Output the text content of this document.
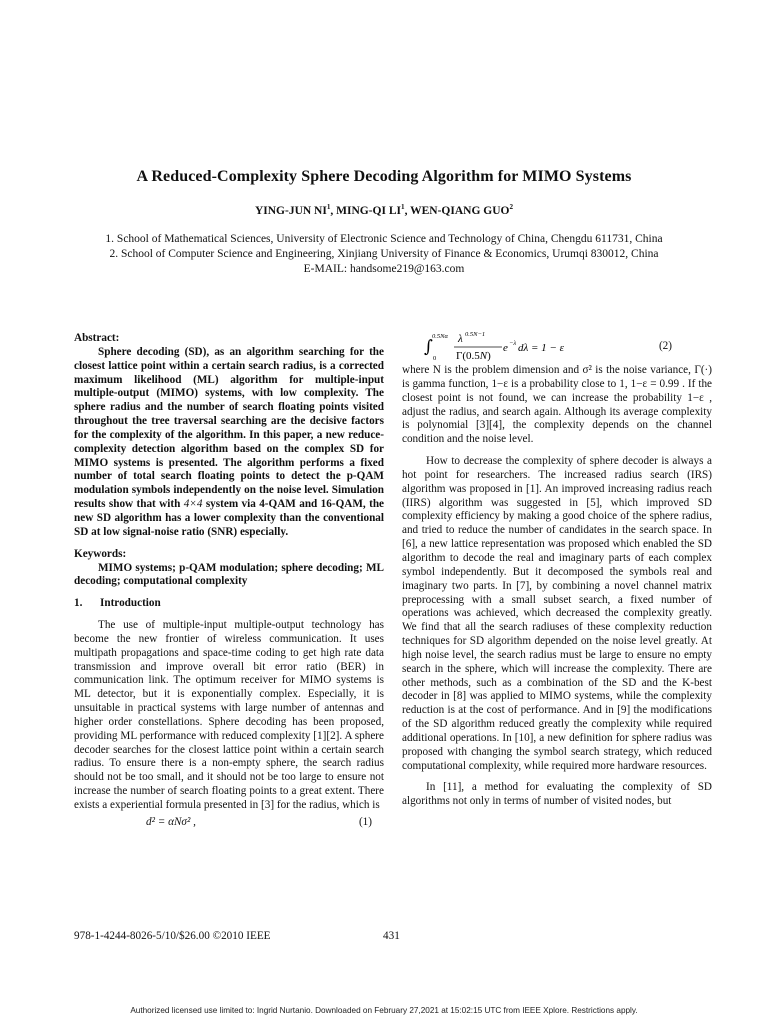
A Reduced-Complexity Sphere Decoding Algorithm for MIMO Systems
YING-JUN $NI^1$, MING-QI $LI^1$, WEN-QIANG GUO$^2$
1. School of Mathematical Sciences, University of Electronic Science and Technology of China, Chengdu 611731, China
2. School of Computer Science and Engineering, Xinjiang University of Finance & Economics, Urumqi 830012, China
E-MAIL: handsome219@163.com

Abstract:

Sphere decoding (SD), as an algorithm searching for the closest lattice point within a certain search radius, is a corrected maximum likelihood (ML) algorithm for multiple-input multiple-output (MIMO) systems, with low complexity. The sphere radius and the number of search floating points visited throughout the tree traversal searching are the decisive factors for the complexity of the algorithm. In this paper, a new reduce-complexity detection algorithm based on the complex SD for MIMO systems is presented. The algorithm performs a fixed number of total search floating points to detect the p-QAM modulation symbols independently on the noise level. Simulation results show that with 4×4 system via 4-QAM and 16-QAM, the new SD algorithm has a lower complexity than the conventional SD at low signal-noise ratio (SNR) especially.

Keywords:

MIMO systems; p-QAM modulation; sphere decoding; ML decoding; computational complexity

1. Introduction

The use of multiple-input multiple-output technology has become the new frontier of wireless communication. It uses multipath propagations and space-time coding to get high rate data transmission and improve overall bit error ratio (BER) in communication link. The optimum receiver for MIMO systems is ML detector, but it is exponentially complex. Especially, it is unsuitable in practical systems with large number of antennas and higher order constellations. Sphere decoding has been proposed, providing ML performance with reduced complexity [1][2]. A sphere decoder searches for the closest lattice point within a certain search radius. To ensure there is a non-empty sphere, the search radius should not be too small, and it should not be too large to ensure not increase the number of search floating points to a great extent. There exists a experiential formula presented in [3] for the radius, which is

d² = αNσ² ,	(1)
∫
0.5Nα
0
λ 0.5N−1
Γ(0.5N)
e −λ dλ = 1 − ε	(2)

where N is the problem dimension and σ² is the noise variance, Γ(·) is gamma function, 1−ε is a probability close to 1, 1−ε = 0.99 . If the closest point is not found, we can increase the probability 1−ε , adjust the radius, and search again. Although its average complexity is polynomial [3][4], the complexity depends on the channel condition and the noise level.

How to decrease the complexity of sphere decoder is always a hot point for researchers. The increased radius search (IRS) algorithm was proposed in [1]. An improved increasing radius reach (IIRS) algorithm was suggested in [5], which improved SD complexity efficiency by making a good choice of the sphere radius, and tried to reduce the number of candidates in the search space. In [6], a new lattice representation was proposed which enabled the SD algorithm to decode the real and imaginary parts of each complex symbol independently. But it decomposed the symbols real and imaginary two parts. In [7], by combining a novel channel matrix preprocessing with a small subset search, a fixed number of operations was achieved, which decreased the complexity greatly. We find that all the search radiuses of these complexity reduction techniques for SD algorithm depended on the noise level greatly. At high noise level, the search radius must be large to ensure no empty search in the sphere, which will increase the complexity. There are other methods, such as a combination of the SD and the K-best decoder in [8] was applied to MIMO systems, while the complexity reduction is at the cost of performance. And in [9] the modifications of the SD algorithm reduced greatly the complexity while required additional operations. In [10], a new definition for sphere radius was proposed with changing the symbol search strategy, which reduced computational complexity, while required more hardware resources.

In [11], a method for evaluating the complexity of SD algorithms not only in terms of number of visited nodes, but

978-1-4244-8026-5/10/$26.00 ©2010 IEEE	431
Authorized licensed use limited to: Ingrid Nurtanio. Downloaded on February 27,2021 at 15:02:15 UTC from IEEE Xplore. Restrictions apply.
